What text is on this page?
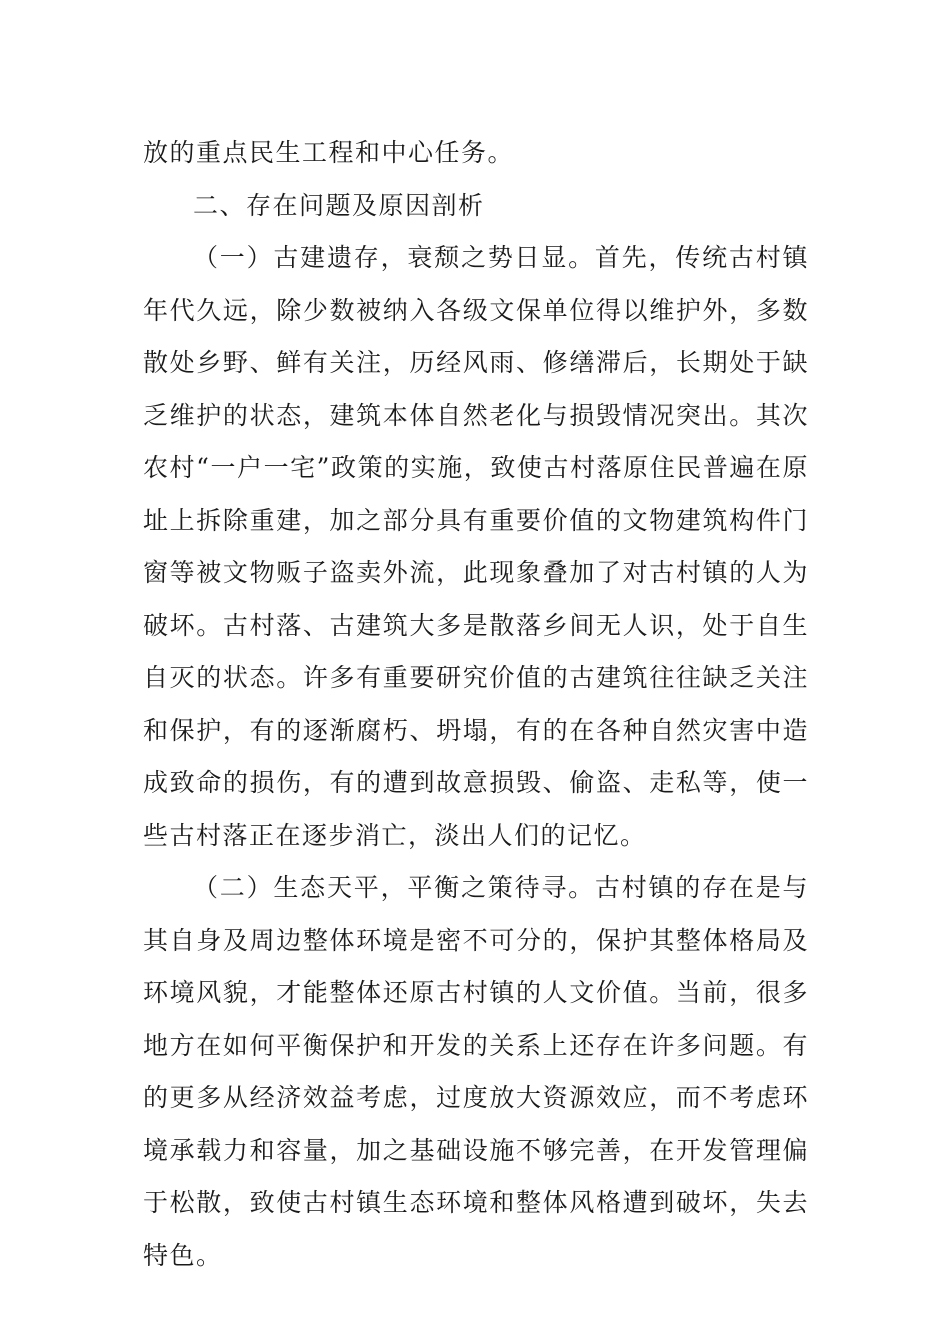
放的重点民生工程和中心任务。

二、存在问题及原因剖析

（一）古建遗存，衰颓之势日显。首先，传统古村镇年代久远，除少数被纳入各级文保单位得以维护外，多数散处乡野、鲜有关注，历经风雨、修缮滞后，长期处于缺乏维护的状态，建筑本体自然老化与损毁情况突出。其次农村“一户一宅”政策的实施，致使古村落原住民普遍在原址上拆除重建，加之部分具有重要价值的文物建筑构件门窗等被文物贩子盗卖外流，此现象叠加了对古村镇的人为破坏。古村落、古建筑大多是散落乡间无人识，处于自生自灭的状态。许多有重要研究价值的古建筑往往缺乏关注和保护，有的逐渐腐朽、坍塌，有的在各种自然灾害中造成致命的损伤，有的遭到故意损毁、偷盗、走私等，使一些古村落正在逐步消亡，淡出人们的记忆。

（二）生态天平，平衡之策待寻。古村镇的存在是与其自身及周边整体环境是密不可分的，保护其整体格局及环境风貌，才能整体还原古村镇的人文价值。当前，很多地方在如何平衡保护和开发的关系上还存在许多问题。有的更多从经济效益考虑，过度放大资源效应，而不考虑环境承载力和容量，加之基础设施不够完善，在开发管理偏于松散，致使古村镇生态环境和整体风格遭到破坏，失去特色。
